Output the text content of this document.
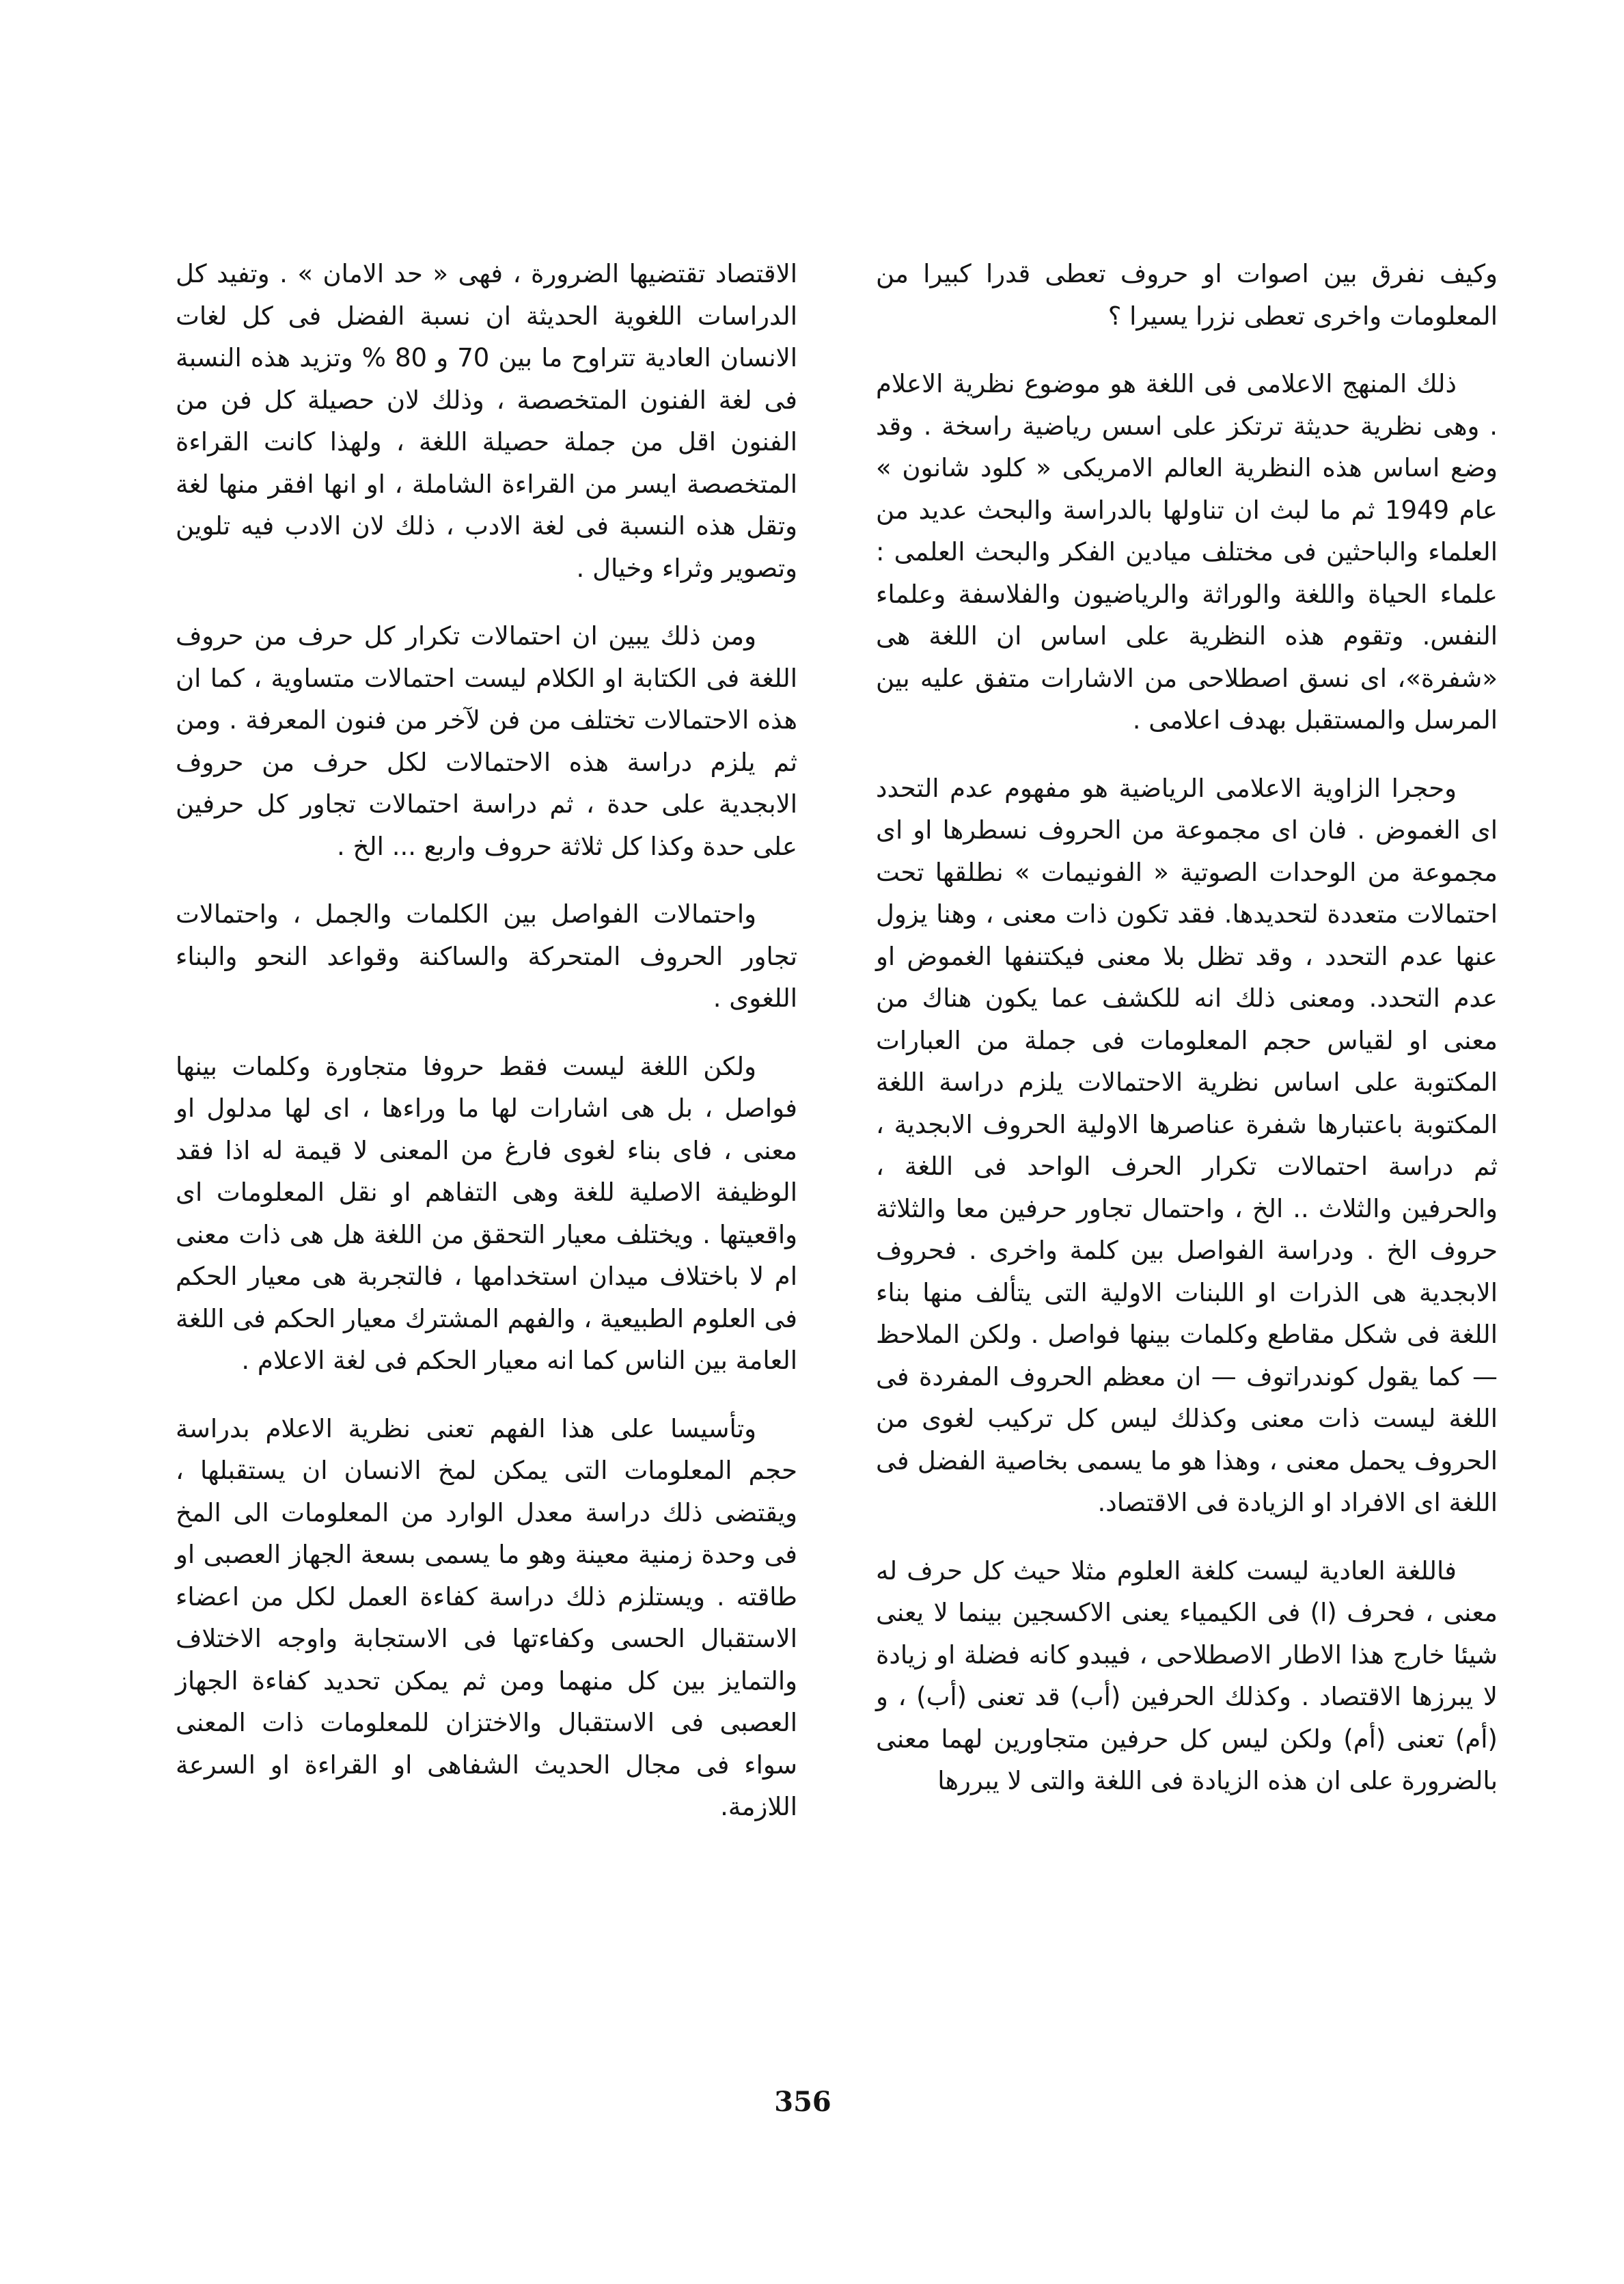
وكيف نفرق بين اصوات او حروف تعطى قدرا كبيرا من المعلومات واخرى تعطى نزرا يسيرا ؟

ذلك المنهج الاعلامى فى اللغة هو موضوع نظرية الاعلام . وهى نظرية حديثة ترتكز على اسس رياضية راسخة . وقد وضع اساس هذه النظرية العالم الامريكى « كلود شانون » عام 1949 ثم ما لبث ان تناولها بالدراسة والبحث عديد من العلماء والباحثين فى مختلف ميادين الفكر والبحث العلمى : علماء الحياة واللغة والوراثة والرياضيون والفلاسفة وعلماء النفس. وتقوم هذه النظرية على اساس ان اللغة هى «شفرة»، اى نسق اصطلاحى من الاشارات متفق عليه بين المرسل والمستقبل بهدف اعلامى .

وحجرا الزاوية الاعلامى الرياضية هو مفهوم عدم التحدد اى الغموض . فان اى مجموعة من الحروف نسطرها او اى مجموعة من الوحدات الصوتية « الفونيمات » نطلقها تحت احتمالات متعددة لتحديدها. فقد تكون ذات معنى ، وهنا يزول عنها عدم التحدد ، وقد تظل بلا معنى فيكتنفها الغموض او عدم التحدد. ومعنى ذلك انه للكشف عما يكون هناك من معنى او لقياس حجم المعلومات فى جملة من العبارات المكتوبة على اساس نظرية الاحتمالات يلزم دراسة اللغة المكتوبة باعتبارها شفرة عناصرها الاولية الحروف الابجدية ، ثم دراسة احتمالات تكرار الحرف الواحد فى اللغة ، والحرفين والثلاث .. الخ ، واحتمال تجاور حرفين معا والثلاثة حروف الخ . ودراسة الفواصل بين كلمة واخرى . فحروف الابجدية هى الذرات او اللبنات الاولية التى يتألف منها بناء اللغة فى شكل مقاطع وكلمات بينها فواصل . ولكن الملاحظ — كما يقول كوندراتوف — ان معظم الحروف المفردة فى اللغة ليست ذات معنى وكذلك ليس كل تركيب لغوى من الحروف يحمل معنى ، وهذا هو ما يسمى بخاصية الفضل فى اللغة اى الافراد او الزيادة فى الاقتصاد.

فاللغة العادية ليست كلغة العلوم مثلا حيث كل حرف له معنى ، فحرف (ا) فى الكيمياء يعنى الاكسجين بينما لا يعنى شيئا خارج هذا الاطار الاصطلاحى ، فيبدو كانه فضلة او زيادة لا يبرزها الاقتصاد . وكذلك الحرفين (أب) قد تعنى (أب) ، و (أم) تعنى (أم) ولكن ليس كل حرفين متجاورين لهما معنى بالضرورة على ان هذه الزيادة فى اللغة والتى لا يبررها

الاقتصاد تقتضيها الضرورة ، فهى « حد الامان » . وتفيد كل الدراسات اللغوية الحديثة ان نسبة الفضل فى كل لغات الانسان العادية تتراوح ما بين 70 و 80 % وتزيد هذه النسبة فى لغة الفنون المتخصصة ، وذلك لان حصيلة كل فن من الفنون اقل من جملة حصيلة اللغة ، ولهذا كانت القراءة المتخصصة ايسر من القراءة الشاملة ، او انها افقر منها لغة وتقل هذه النسبة فى لغة الادب ، ذلك لان الادب فيه تلوين وتصوير وثراء وخيال .

ومن ذلك يبين ان احتمالات تكرار كل حرف من حروف اللغة فى الكتابة او الكلام ليست احتمالات متساوية ، كما ان هذه الاحتمالات تختلف من فن لآخر من فنون المعرفة . ومن ثم يلزم دراسة هذه الاحتمالات لكل حرف من حروف الابجدية على حدة ، ثم دراسة احتمالات تجاور كل حرفين على حدة وكذا كل ثلاثة حروف واربع ... الخ .

واحتمالات الفواصل بين الكلمات والجمل ، واحتمالات تجاور الحروف المتحركة والساكنة وقواعد النحو والبناء اللغوى .

ولكن اللغة ليست فقط حروفا متجاورة وكلمات بينها فواصل ، بل هى اشارات لها ما وراءها ، اى لها مدلول او معنى ، فاى بناء لغوى فارغ من المعنى لا قيمة له اذا فقد الوظيفة الاصلية للغة وهى التفاهم او نقل المعلومات اى واقعيتها . ويختلف معيار التحقق من اللغة هل هى ذات معنى ام لا باختلاف ميدان استخدامها ، فالتجربة هى معيار الحكم فى العلوم الطبيعية ، والفهم المشترك معيار الحكم فى اللغة العامة بين الناس كما انه معيار الحكم فى لغة الاعلام .

وتأسيسا على هذا الفهم تعنى نظرية الاعلام بدراسة حجم المعلومات التى يمكن لمخ الانسان ان يستقبلها ، ويقتضى ذلك دراسة معدل الوارد من المعلومات الى المخ فى وحدة زمنية معينة وهو ما يسمى بسعة الجهاز العصبى او طاقته . ويستلزم ذلك دراسة كفاءة العمل لكل من اعضاء الاستقبال الحسى وكفاءتها فى الاستجابة واوجه الاختلاف والتمايز بين كل منهما ومن ثم يمكن تحديد كفاءة الجهاز العصبى فى الاستقبال والاختزان للمعلومات ذات المعنى سواء فى مجال الحديث الشفاهى او القراءة او السرعة اللازمة.

356
